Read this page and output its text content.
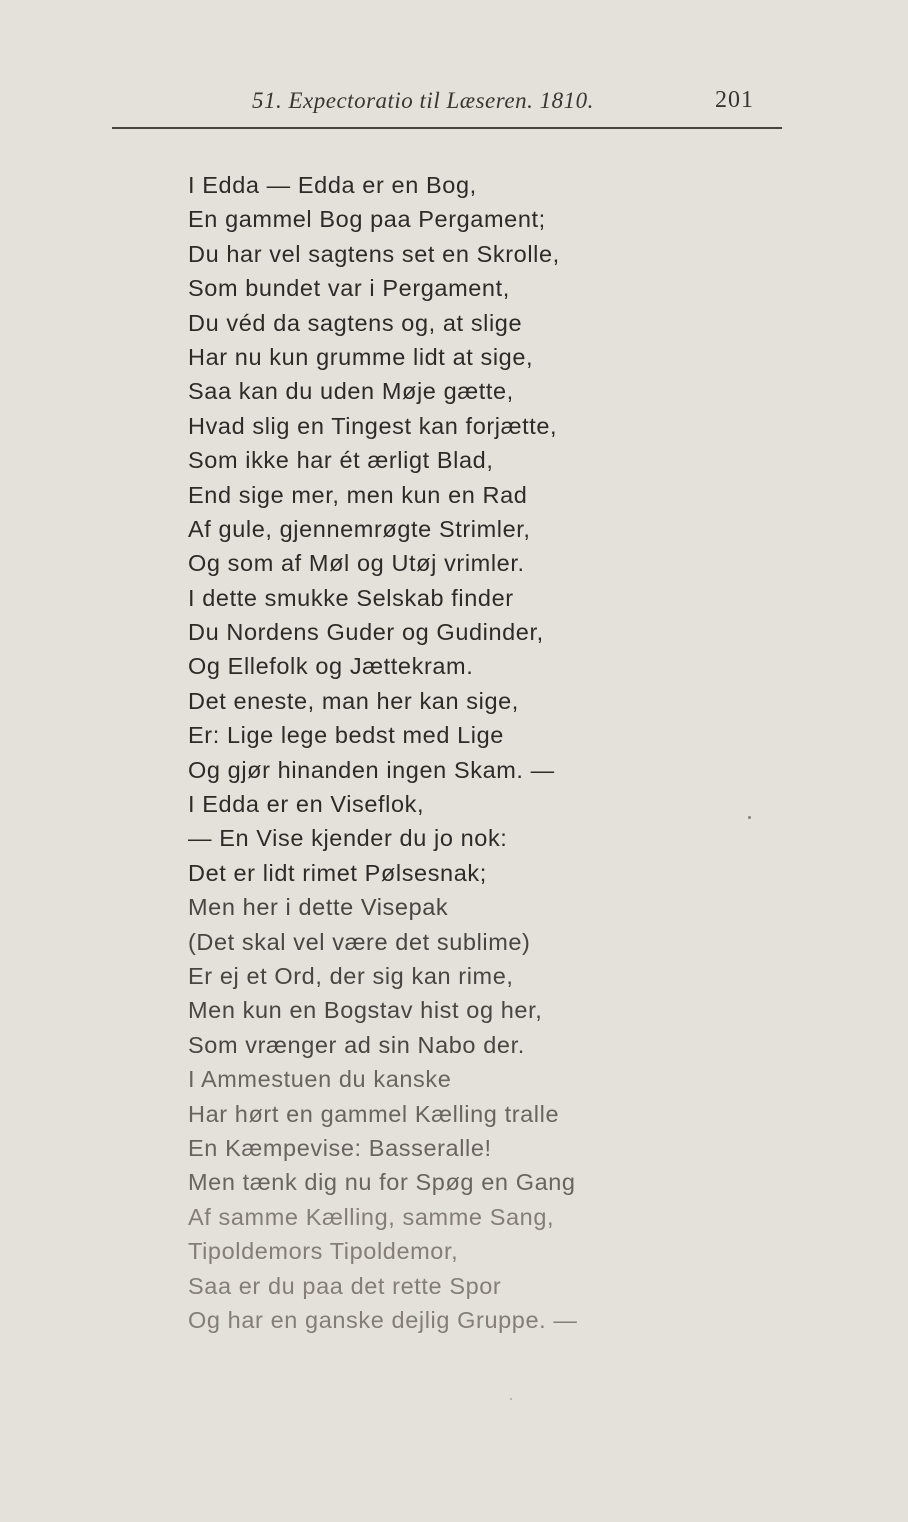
51. Expectoratio til Læseren. 1810.	201
I Edda — Edda er en Bog,
En gammel Bog paa Pergament;
Du har vel sagtens set en Skrolle,
Som bundet var i Pergament,
Du véd da sagtens og, at slige
Har nu kun grumme lidt at sige,
Saa kan du uden Møje gætte,
Hvad slig en Tingest kan forjætte,
Som ikke har ét ærligt Blad,
End sige mer, men kun en Rad
Af gule, gjennemrøgte Strimler,
Og som af Møl og Utøj vrimler.
I dette smukke Selskab finder
Du Nordens Guder og Gudinder,
Og Ellefolk og Jættekram.
Det eneste, man her kan sige,
Er: Lige lege bedst med Lige
Og gjør hinanden ingen Skam. —
I Edda er en Viseflok,
— En Vise kjender du jo nok:
Det er lidt rimet Pølsesnak;
Men her i dette Visepak
(Det skal vel være det sublime)
Er ej et Ord, der sig kan rime,
Men kun en Bogstav hist og her,
Som vrænger ad sin Nabo der.
I Ammestuen du kanske
Har hørt en gammel Kælling tralle
En Kæmpevise: Basseralle!
Men tænk dig nu for Spøg en Gang
Af samme Kælling, samme Sang,
Tipoldemors Tipoldemor,
Saa er du paa det rette Spor
Og har en ganske dejlig Gruppe. —
